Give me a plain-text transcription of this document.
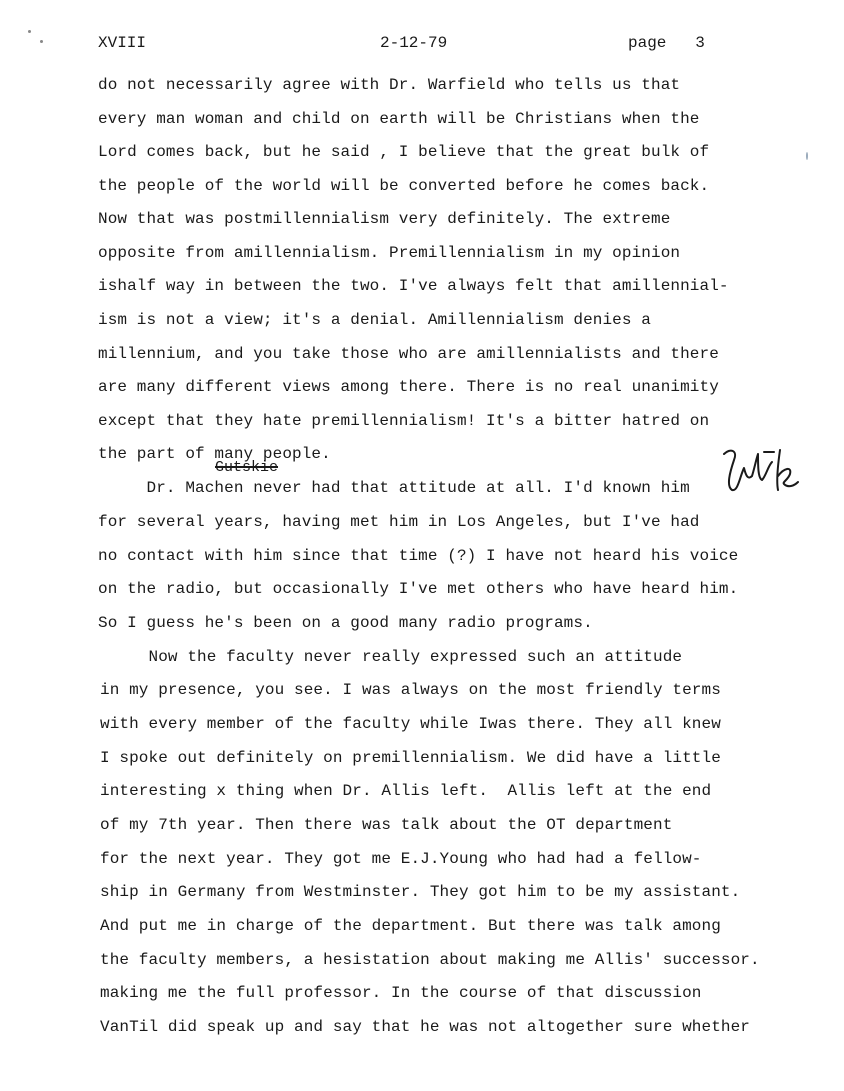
XVIII	2-12-79	page   3
do not necessarily agree with Dr. Warfield who tells us that
every man woman and child on earth will be Christians when the
Lord comes back, but he said , I believe that the great bulk of
the people of the world will be converted before he comes back.
Now that was postmillennialism very definitely. The extreme
opposite from amillennialism. Premillennialism in my opinion
ishalf way in between the two. I've always felt that amillennial-
ism is not a view; it's a denial. Amillennialism denies a
millennium, and you take those who are amillennialists and there
are many different views among there. There is no real unanimity
except that they hate premillennialism! It's a bitter hatred on
the part of many people.
Gutskie
Dr. Machen never had that attitude at all. I'd known him
for several years, having met him in Los Angeles, but I've had
no contact with him since that time (?) I have not heard his voice
on the radio, but occasionally I've met others who have heard him.
So I guess he's been on a good many radio programs.
Now the faculty never really expressed such an attitude
in my presence, you see. I was always on the most friendly terms
with every member of the faculty while Iwas there. They all knew
I spoke out definitely on premillennialism. We did have a little
interesting x thing when Dr. Allis left.  Allis left at the end
of my 7th year. Then there was talk about the OT department
for the next year. They got me E.J.Young who had had a fellow-
ship in Germany from Westminster. They got him to be my assistant.
And put me in charge of the department. But there was talk among
the faculty members, a hesistation about making me Allis' successor.
making me the full professor. In the course of that discussion
VanTil did speak up and say that he was not altogether sure whether
